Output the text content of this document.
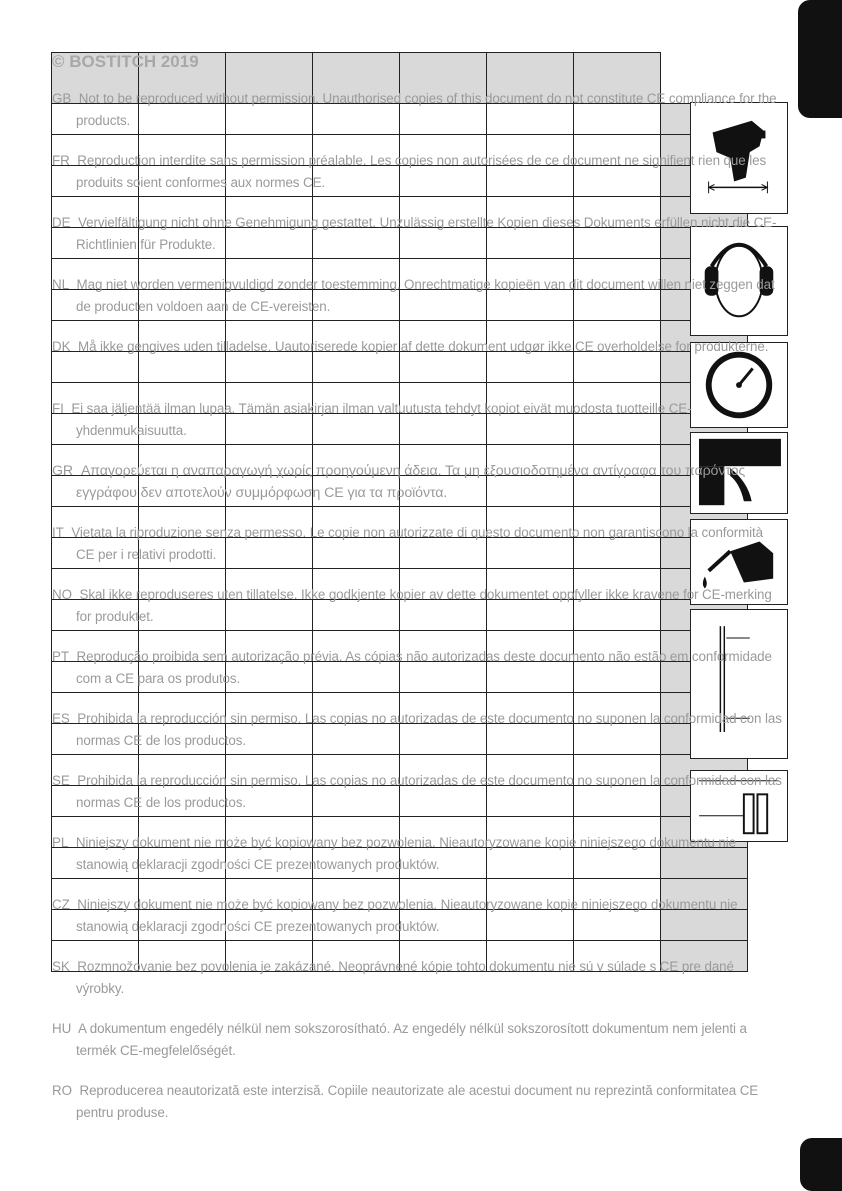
© BOSTITCH 2019
GB Not to be reproduced without permission. Unauthorised copies of this document do not constitute CE compliance for the products.
FR Reproduction interdite sans permission préalable. Les copies non autorisées de ce document ne signifient rien que les produits soient conformes aux normes CE.
DE Vervielfältigung nicht ohne Genehmigung gestattet. Unzulässig erstellte Kopien dieses Dokuments erfüllen nicht die CE-Richtlinien für Produkte.
NL Mag niet worden vermenigvuldigd zonder toestemming. Onrechtmatige kopieën van dit document willen niet zeggen dat de producten voldoen aan de CE-vereisten.
DK Må ikke gengives uden tilladelse. Uautoriserede kopier af dette dokument udgør ikke CE overholdelse for produkterne.
FI Ei saa jäljentää ilman lupaa. Tämän asiakirjan ilman valtuutusta tehdyt kopiot eivät muodosta tuotteille CE-yhdenmukaisuutta.
GR Απαγορεύεται η αναπαραγωγή χωρίς προηγούμενη άδεια. Τα μη εξουσιοδοτημένα αντίγραφα του παρόντος εγγράφου δεν αποτελούν συμμόρφωση CE για τα προϊόντα.
IT Vietata la riproduzione senza permesso. Le copie non autorizzate di questo documento non garantiscono la conformità CE per i relativi prodotti.
NO Skal ikke reproduseres uten tillatelse. Ikke godkjente kopier av dette dokumentet oppfyller ikke kravene for CE-merking for produktet.
PT Reprodução proibida sem autorização prévia. As cópias não autorizadas deste documento não estão em conformidade com a CE para os produtos.
ES Prohibida la reproducción sin permiso. Las copias no autorizadas de este documento no suponen la conformidad con las normas CE de los productos.
SE Prohibida la reproducción sin permiso. Las copias no autorizadas de este documento no suponen la conformidad con las normas CE de los productos.
PL Niniejszy dokument nie może być kopiowany bez pozwolenia. Nieautoryzowane kopie niniejszego dokumentu nie stanowią deklaracji zgodności CE prezentowanych produktów.
CZ Niniejszy dokument nie może być kopiowany bez pozwolenia. Nieautoryzowane kopie niniejszego dokumentu nie stanowią deklaracji zgodności CE prezentowanych produktów.
SK Rozmnožovanie bez povolenia je zakázané. Neoprávnené kópie tohto dokumentu nie sú v súlade s CE pre dané výrobky.
HU A dokumentum engedély nélkül nem sokszorosítható. Az engedély nélkül sokszorosított dokumentum nem jelenti a termék CE-megfelelőségét.
RO Reproducerea neautorizată este interzisă. Copiile neautorizate ale acestui document nu reprezintă conformitatea CE pentru produse.
